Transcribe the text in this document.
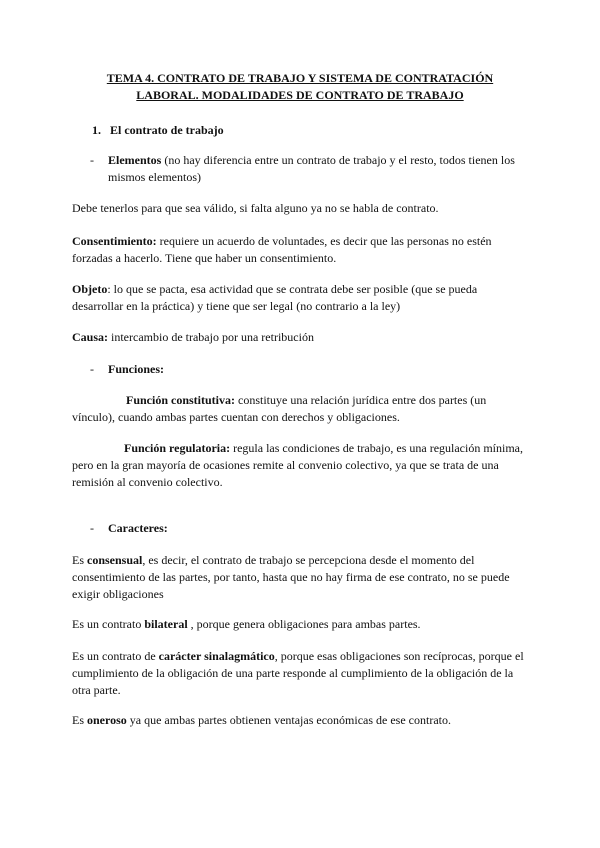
TEMA 4. CONTRATO DE TRABAJO Y SISTEMA DE CONTRATACIÓN
LABORAL. MODALIDADES DE CONTRATO DE TRABAJO
1. El contrato de trabajo
- Elementos (no hay diferencia entre un contrato de trabajo y el resto, todos tienen los mismos elementos)
Debe tenerlos para que sea válido, si falta alguno ya no se habla de contrato.
Consentimiento: requiere un acuerdo de voluntades, es decir que las personas no estén forzadas a hacerlo. Tiene que haber un consentimiento.
Objeto: lo que se pacta, esa actividad que se contrata debe ser posible (que se pueda desarrollar en la práctica) y tiene que ser legal (no contrario a la ley)
Causa: intercambio de trabajo por una retribución
- Funciones:
Función constitutiva: constituye una relación jurídica entre dos partes (un vínculo), cuando ambas partes cuentan con derechos y obligaciones.
Función regulatoria: regula las condiciones de trabajo, es una regulación mínima, pero en la gran mayoría de ocasiones remite al convenio colectivo, ya que se trata de una remisión al convenio colectivo.
- Caracteres:
Es consensual, es decir, el contrato de trabajo se percepciona desde el momento del consentimiento de las partes, por tanto, hasta que no hay firma de ese contrato, no se puede exigir obligaciones
Es un contrato bilateral , porque genera obligaciones para ambas partes.
Es un contrato de carácter sinalagmático, porque esas obligaciones son recíprocas, porque el cumplimiento de la obligación de una parte responde al cumplimiento de la obligación de la otra parte.
Es oneroso ya que ambas partes obtienen ventajas económicas de ese contrato.
